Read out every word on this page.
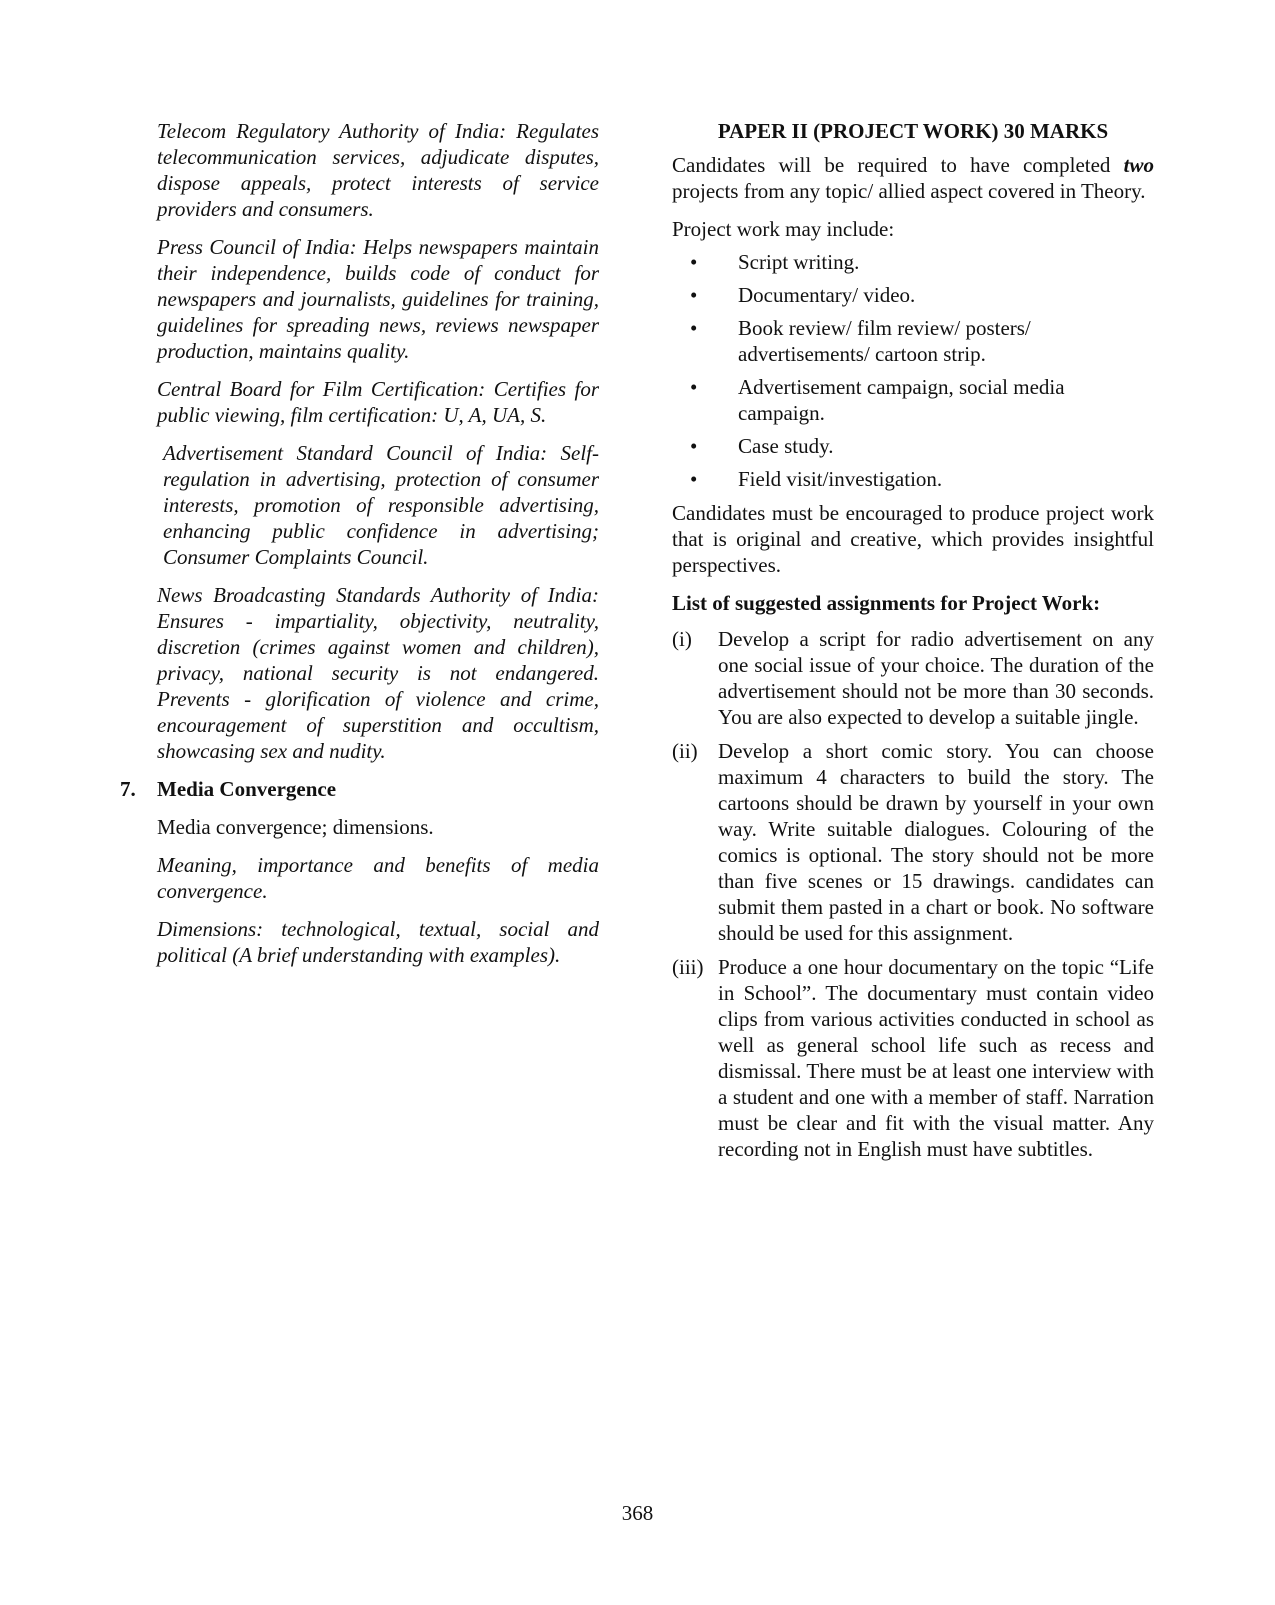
Telecom Regulatory Authority of India: Regulates telecommunication services, adjudicate disputes, dispose appeals, protect interests of service providers and consumers.

Press Council of India: Helps newspapers maintain their independence, builds code of conduct for newspapers and journalists, guidelines for training, guidelines for spreading news, reviews newspaper production, maintains quality.

Central Board for Film Certification: Certifies for public viewing, film certification: U, A, UA, S.

Advertisement Standard Council of India: Self-regulation in advertising, protection of consumer interests, promotion of responsible advertising, enhancing public confidence in advertising; Consumer Complaints Council.

News Broadcasting Standards Authority of India: Ensures - impartiality, objectivity, neutrality, discretion (crimes against women and children), privacy, national security is not endangered. Prevents - glorification of violence and crime, encouragement of superstition and occultism, showcasing sex and nudity.

7. Media Convergence

Media convergence; dimensions.

Meaning, importance and benefits of media convergence.

Dimensions: technological, textual, social and political (A brief understanding with examples).

PAPER II (PROJECT WORK) 30 MARKS

Candidates will be required to have completed two projects from any topic/ allied aspect covered in Theory.

Project work may include:

• Script writing.
• Documentary/ video.
• Book review/ film review/ posters/ advertisements/ cartoon strip.
• Advertisement campaign, social media campaign.
• Case study.
• Field visit/investigation.

Candidates must be encouraged to produce project work that is original and creative, which provides insightful perspectives.

List of suggested assignments for Project Work:
(i) Develop a script for radio advertisement on any one social issue of your choice. The duration of the advertisement should not be more than 30 seconds. You are also expected to develop a suitable jingle.
(ii) Develop a short comic story. You can choose maximum 4 characters to build the story. The cartoons should be drawn by yourself in your own way. Write suitable dialogues. Colouring of the comics is optional. The story should not be more than five scenes or 15 drawings. candidates can submit them pasted in a chart or book. No software should be used for this assignment.
(iii) Produce a one hour documentary on the topic “Life in School”. The documentary must contain video clips from various activities conducted in school as well as general school life such as recess and dismissal. There must be at least one interview with a student and one with a member of staff. Narration must be clear and fit with the visual matter. Any recording not in English must have subtitles.
368
